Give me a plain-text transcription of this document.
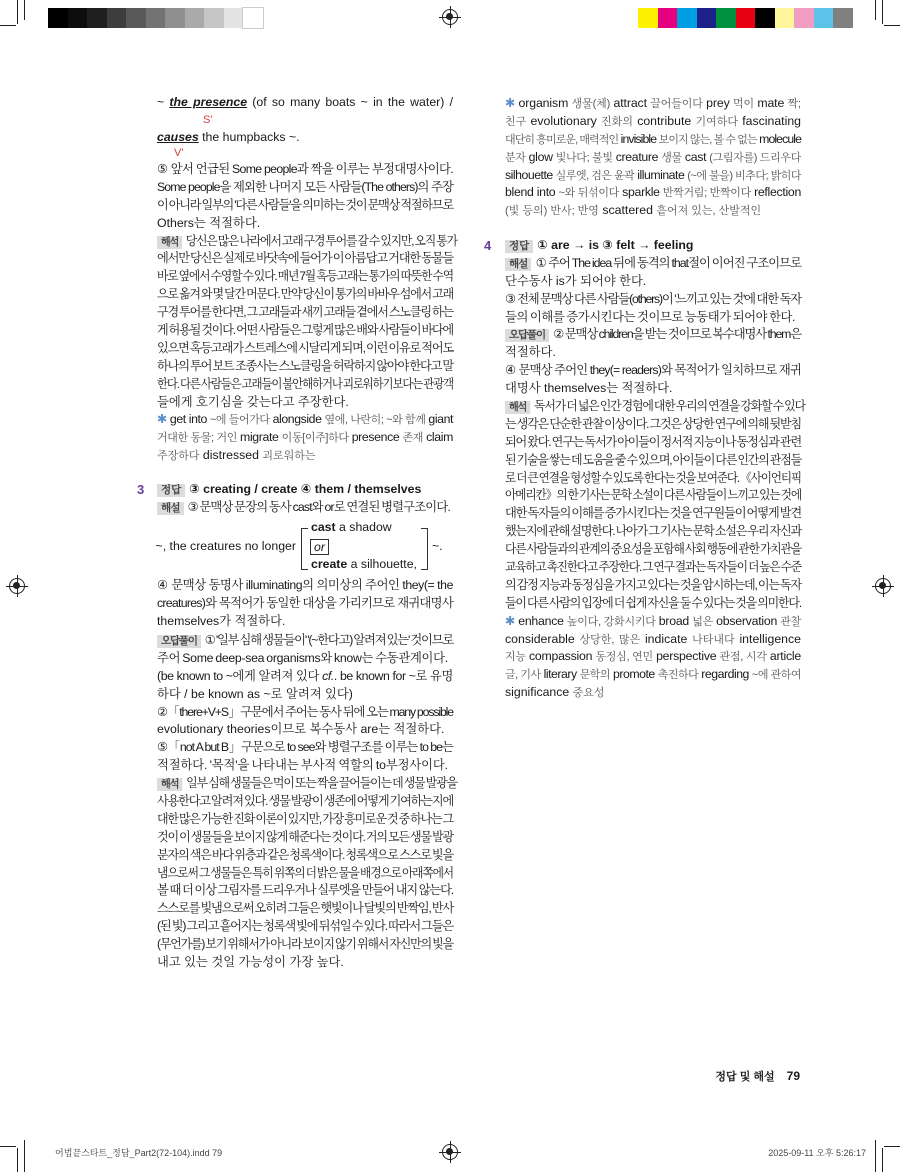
~ the presence (of so many boats ~ in the water) /
S'
causes the humpbacks ~.
V'
⑤ 앞서 언급된 Some people과 짝을 이루는 부정대명사이다.
Some people을 제외한 나머지 모든 사람들(The others)의 주장
이 아니라 일부의 '다른 사람들'을 의미하는 것이 문맥상 적절하므로
Others는 적절하다.
해석 당신은 많은 나라에서 고래 구경 투어를 갈 수 있지만, 오직 통가
에서만 당신은 실제로 바닷속에 들어가 이 아름답고 거대한 동물들
바로 옆에서 수영할 수 있다. 매년 7월 혹등고래는 통가의 따뜻한 수역
으로 옮겨 와 몇 달간 머문다. 만약 당신이 통가의 바바우 섬에서 고래
구경 투어를 한다면, 그 고래들과 새끼 고래들 곁에서 스노클링 하는
게 허용될 것이다. 어떤 사람들은 그렇게 많은 배와 사람들이 바다에
있으면 혹등고래가 스트레스에 시달리게 되며, 이런 이유로 적어도
하나의 투어 보트 조종사는 스노클링을 허락하지 않아야 한다고 말
한다. 다른 사람들은 고래들이 불안해하거나 괴로워하기보다는 관광객
들에게 호기심을 갖는다고 주장한다.
✱ get into ~에 들어가다 alongside 옆에, 나란히; ~와 함께 giant
거대한 동물; 거인 migrate 이동[이주]하다 presence 존재 claim
주장하다 distressed 괴로워하는
정답 ③ creating / create ④ them / themselves
해설 ③ 문맥상 문장의 동사 cast와 or로 연결된 병렬구조이다.
④ 문맥상 동명사 illuminating의 의미상의 주어인 they(= the
creatures)와 목적어가 동일한 대상을 가리키므로 재귀대명사
themselves가 적절하다.
오답풀이 ① '일부 심해 생물들이' '(~한다고) 알려져 있는' 것이므로
주어 Some deep-sea organisms와 know는 수동관계이다.
(be known to ~에게 알려져 있다 cf.. be known for ~로 유명
하다 / be known as ~로 알려져 있다)
②「there+V+S」구문에서 주어는 동사 뒤에 오는 many possible
evolutionary theories이므로 복수동사 are는 적절하다.
⑤「not A but B」구문으로 to see와 병렬구조를 이루는 to be는
적절하다. '목적'을 나타내는 부사적 역할의 to부정사이다.
해석 일부 심해 생물들은 먹이 또는 짝을 끌어들이는 데 생물 발광을
사용한다고 알려져 있다. 생물 발광이 생존에 어떻게 기여하는지에
대한 많은 가능한 진화 이론이 있지만, 가장 흥미로운 것 중 하나는 그
것이 이 생물들을 보이지 않게 해준다는 것이다. 거의 모든 생물 발광
분자의 색은 바다 위층과 같은 청록색이다. 청록색으로 스스로 빛을
냄으로써 그 생물들은 특히 위쪽의 더 밝은 물을 배경으로 아래쪽에서
볼 때 더 이상 그림자를 드리우거나 실루엣을 만들어 내지 않는다.
스스로를 빛냄으로써 오히려 그들은 햇빛이나 달빛의 반짝임, 반사
(된 빛) 그리고 흩어지는 청록색 빛에 뒤섞일 수 있다. 따라서 그들은
(무언가를) 보기 위해서가 아니라 보이지 않기 위해서 자신만의 빛을
내고 있는 것일 가능성이 가장 높다.
✱ organism 생물(체) attract 끌어들이다 prey 먹이 mate 짝;
친구 evolutionary 진화의 contribute 기여하다 fascinating
대단히 흥미로운, 매력적인 invisible 보이지 않는, 볼 수 없는 molecule
분자 glow 빛나다; 불빛 creature 생물 cast (그림자를) 드리우다
silhouette 실루엣, 검은 윤곽 illuminate (~에 불을) 비추다; 밝히다
blend into ~와 뒤섞이다 sparkle 반짝거림; 반짝이다 reflection
(빛 등의) 반사; 반영 scattered 흩어져 있는, 산발적인
정답 ① are → is ③ felt → feeling
해설 ① 주어 The idea 뒤에 동격의 that절이 이어진 구조이므로
단수동사 is가 되어야 한다.
③ 전체 문맥상 다른 사람들(others)이 '느끼고 있는 것'에 대한 독자
들의 이해를 증가시킨다는 것이므로 능동태가 되어야 한다.
오답풀이 ② 문맥상 children을 받는 것이므로 복수대명사 them은
적절하다.
④ 문맥상 주어인 they(= readers)와 목적어가 일치하므로 재귀
대명사 themselves는 적절하다.
해석 독서가 더 넓은 인간 경험에 대한 우리의 연결을 강화할 수 있다
는 생각은 단순한 관찰 이상이다. 그것은 상당한 연구에 의해 뒷받침
되어 왔다. 연구는 독서가 아이들이 정서적 지능이나 동정심과 관련
된 기술을 쌓는 데 도움을 줄 수 있으며, 아이들이 다른 인간의 관점들
로 더 큰 연결을 형성할 수 있도록 한다는 것을 보여준다. 《사이언티픽
아메리칸》의 한 기사는 문학 소설이 다른 사람들이 느끼고 있는 것에
대한 독자들의 이해를 증가시킨다는 것을 연구원들이 어떻게 발견
했는지에 관해 설명한다. 나아가 그 기사는 문학 소설은 우리 자신과
다른 사람들과의 관계의 중요성을 포함해 사회 행동에 관한 가치관을
교육하고 촉진한다고 주장한다. 그 연구 결과는 독자들이 더 높은 수준
의 감정 지능과 동정심을 가지고 있다는 것을 암시하는데, 이는 독자
들이 다른 사람의 입장에 더 쉽게 자신을 둘 수 있다는 것을 의미한다.
✱ enhance 높이다, 강화시키다 broad 넓은 observation 관찰
considerable 상당한, 많은 indicate 나타내다 intelligence
지능 compassion 동정심, 연민 perspective 관점, 시각 article
글, 기사 literary 문학의 promote 촉진하다 regarding ~에 관하여
significance 중요성
3
4
~, the creatures no longer
cast a shadow
or
create a silhouette,
~.
정답 및 해설 79
어법끝스타트_정답_Part2(72-104).indd 79	2025-09-11 오후 5:26:17
